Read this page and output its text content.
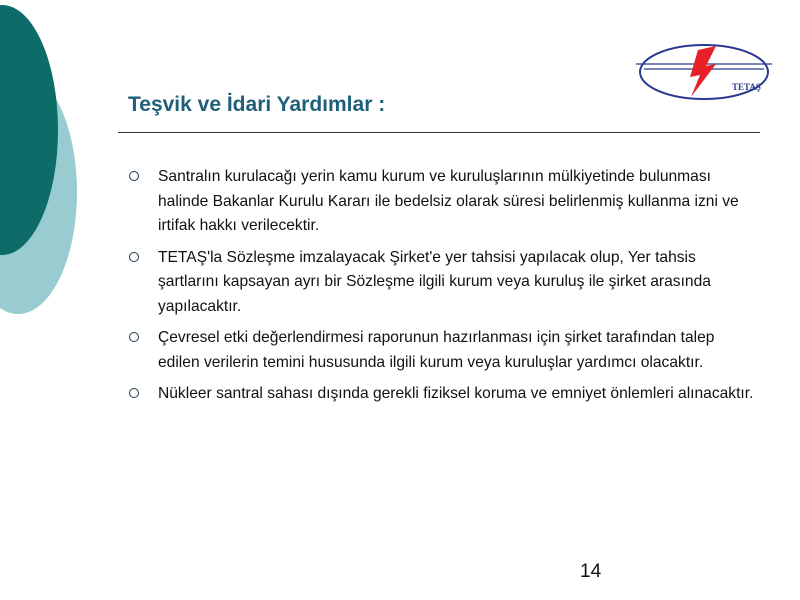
TETAŞ
Teşvik ve İdari Yardımlar :
Santralın kurulacağı yerin kamu kurum ve kuruluşlarının mülkiyetinde bulunması halinde Bakanlar Kurulu Kararı ile bedelsiz olarak süresi belirlenmiş kullanma izni ve irtifak hakkı verilecektir.
TETAŞ'la Sözleşme imzalayacak Şirket'e yer tahsisi yapılacak olup, Yer tahsis şartlarını kapsayan ayrı bir Sözleşme ilgili kurum veya kuruluş ile şirket arasında yapılacaktır.
Çevresel etki değerlendirmesi raporunun hazırlanması için şirket tarafından talep edilen verilerin temini hususunda ilgili kurum veya kuruluşlar yardımcı olacaktır.
Nükleer santral sahası dışında gerekli fiziksel koruma ve emniyet önlemleri alınacaktır.
14
